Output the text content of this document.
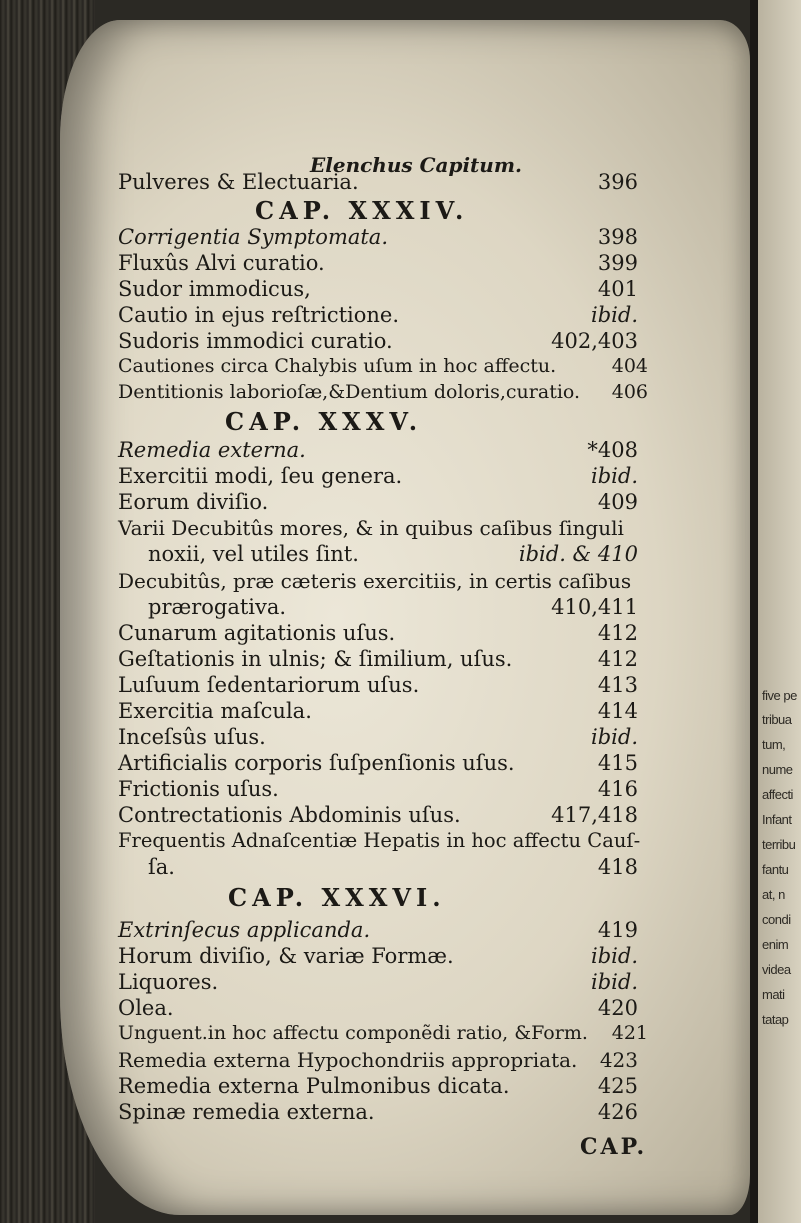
Elenchus Capitum.
Pulveres & Electuaria.	396
CAP. XXXIV.
Corrigentia Symptomata.	398
Fluxûs Alvi curatio.	399
Sudor immodicus,	401
Cautio in ejus reſtrictione.	ibid.
Sudoris immodici curatio.	402,403
Cautiones circa Chalybis uſum in hoc affectu.	404
Dentitionis laborioſæ,&Dentium doloris,curatio. 406
CAP. XXXV.
Remedia externa.	*408
Exercitii modi, ſeu genera.	ibid.
Eorum diviſio.	409
Varii Decubitûs mores, & in quibus caſibus ſinguli
noxii, vel utiles ſint.	ibid. & 410
Decubitûs, præ cæteris exercitiis, in certis caſibus
prærogativa.	410,411
Cunarum agitationis uſus.	412
Geſtationis in ulnis; & ſimilium, uſus.	412
Luſuum ſedentariorum uſus.	413
Exercitia maſcula.	414
Inceſsûs uſus.	ibid.
Artificialis corporis ſuſpenſionis uſus.	415
Frictionis uſus.	416
Contrectationis Abdominis uſus.	417,418
Frequentis Adnaſcentiæ Hepatis in hoc affectu Cauſ-
ſa.	418
CAP. XXXVI.
Extrinſecus applicanda.	419
Horum diviſio, & variæ Formæ.	ibid.
Liquores.	ibid.
Olea.	420
Unguent.in hoc affectu componẽdi ratio, &Form. 421
Remedia externa Hypochondriis appropriata. 423
Remedia externa Pulmonibus dicata.	425
Spinæ remedia externa.	426
CAP.
five pe
tribua
tum,
nume
affecti
Infant
terribu
fantu
at, n
condi
enim
videa
mati
tatap
